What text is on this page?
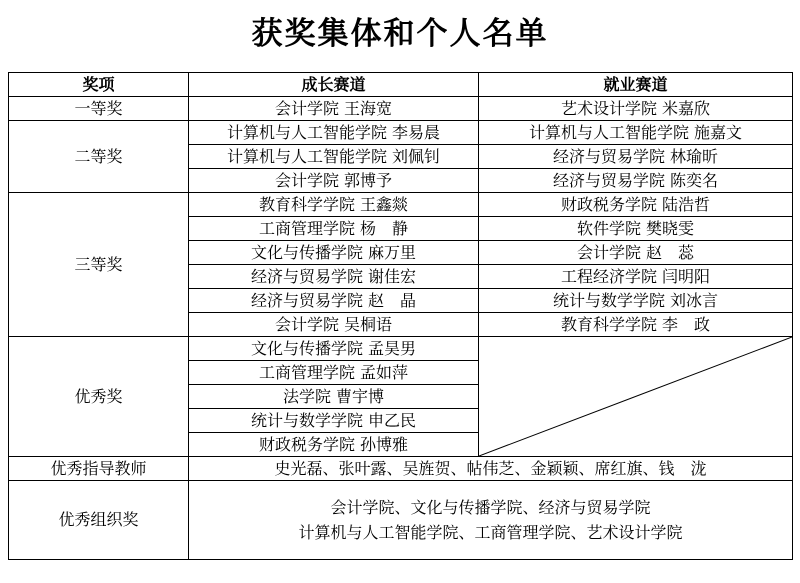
获奖集体和个人名单
奖项	成长赛道	就业赛道
一等奖	会计学院 王海宽	艺术设计学院 米嘉欣
二等奖	计算机与人工智能学院 李易晨	计算机与人工智能学院 施嘉文
	计算机与人工智能学院 刘佩钊	经济与贸易学院 林瑜昕
	会计学院 郭博予	经济与贸易学院 陈奕名
三等奖	教育科学学院 王鑫燚	财政税务学院 陆浩哲
	工商管理学院 杨　静	软件学院 樊晓雯
	文化与传播学院 麻万里	会计学院 赵　蕊
	经济与贸易学院 谢佳宏	工程经济学院 闫明阳
	经济与贸易学院 赵　晶	统计与数学学院 刘冰言
	会计学院 吴桐语	教育科学学院 李　政
优秀奖	文化与传播学院 孟昊男	

	工商管理学院 孟如萍	
	法学院 曹宇博	
	统计与数学学院 申乙民	
	财政税务学院 孙博雅	
优秀指导教师	史光磊、张叶露、吴旌贺、帖伟芝、金颖颖、席红旗、钱　泷	
优秀组织奖	会计学院、文化与传播学院、经济与贸易学院
计算机与人工智能学院、工商管理学院、艺术设计学院	
